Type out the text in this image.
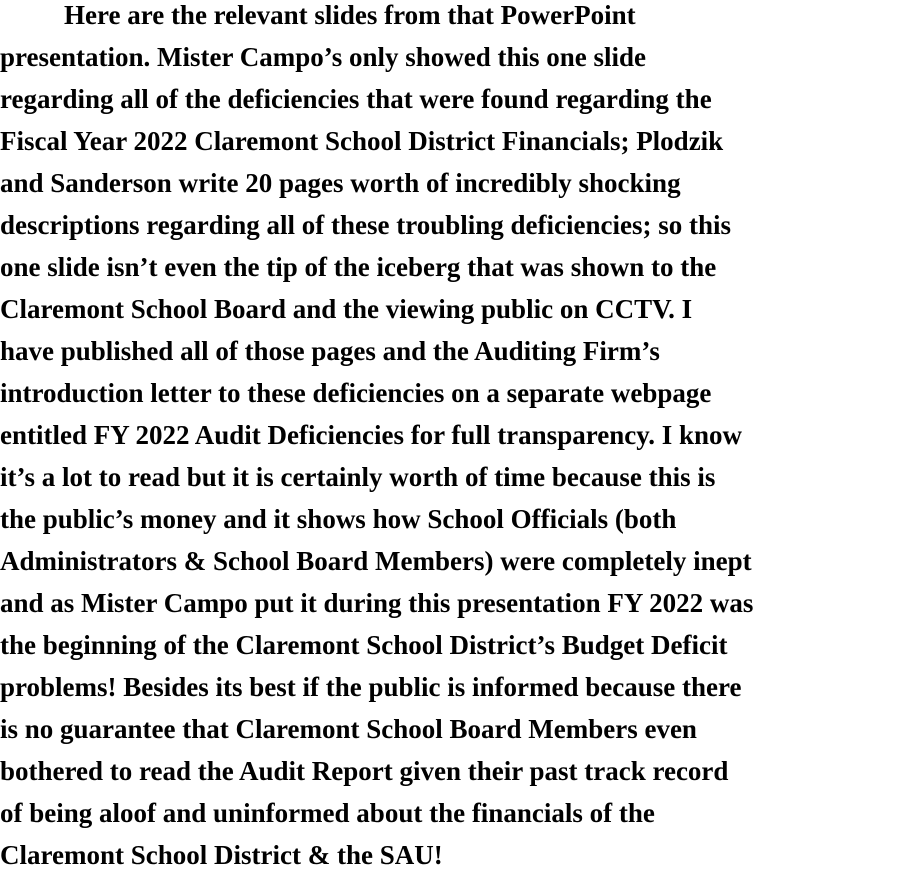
Here are the relevant slides from that PowerPoint
presentation. Mister Campo’s only showed this one slide
regarding all of the deficiencies that were found regarding the
Fiscal Year 2022 Claremont School District Financials; Plodzik
and Sanderson write 20 pages worth of incredibly shocking
descriptions regarding all of these troubling deficiencies; so this
one slide isn’t even the tip of the iceberg that was shown to the
Claremont School Board and the viewing public on CCTV. I
have published all of those pages and the Auditing Firm’s
introduction letter to these deficiencies on a separate webpage
entitled FY 2022 Audit Deficiencies for full transparency. I know
it’s a lot to read but it is certainly worth of time because this is
the public’s money and it shows how School Officials (both
Administrators & School Board Members) were completely inept
and as Mister Campo put it during this presentation FY 2022 was
the beginning of the Claremont School District’s Budget Deficit
problems! Besides its best if the public is informed because there
is no guarantee that Claremont School Board Members even
bothered to read the Audit Report given their past track record
of being aloof and uninformed about the financials of the
Claremont School District & the SAU!
